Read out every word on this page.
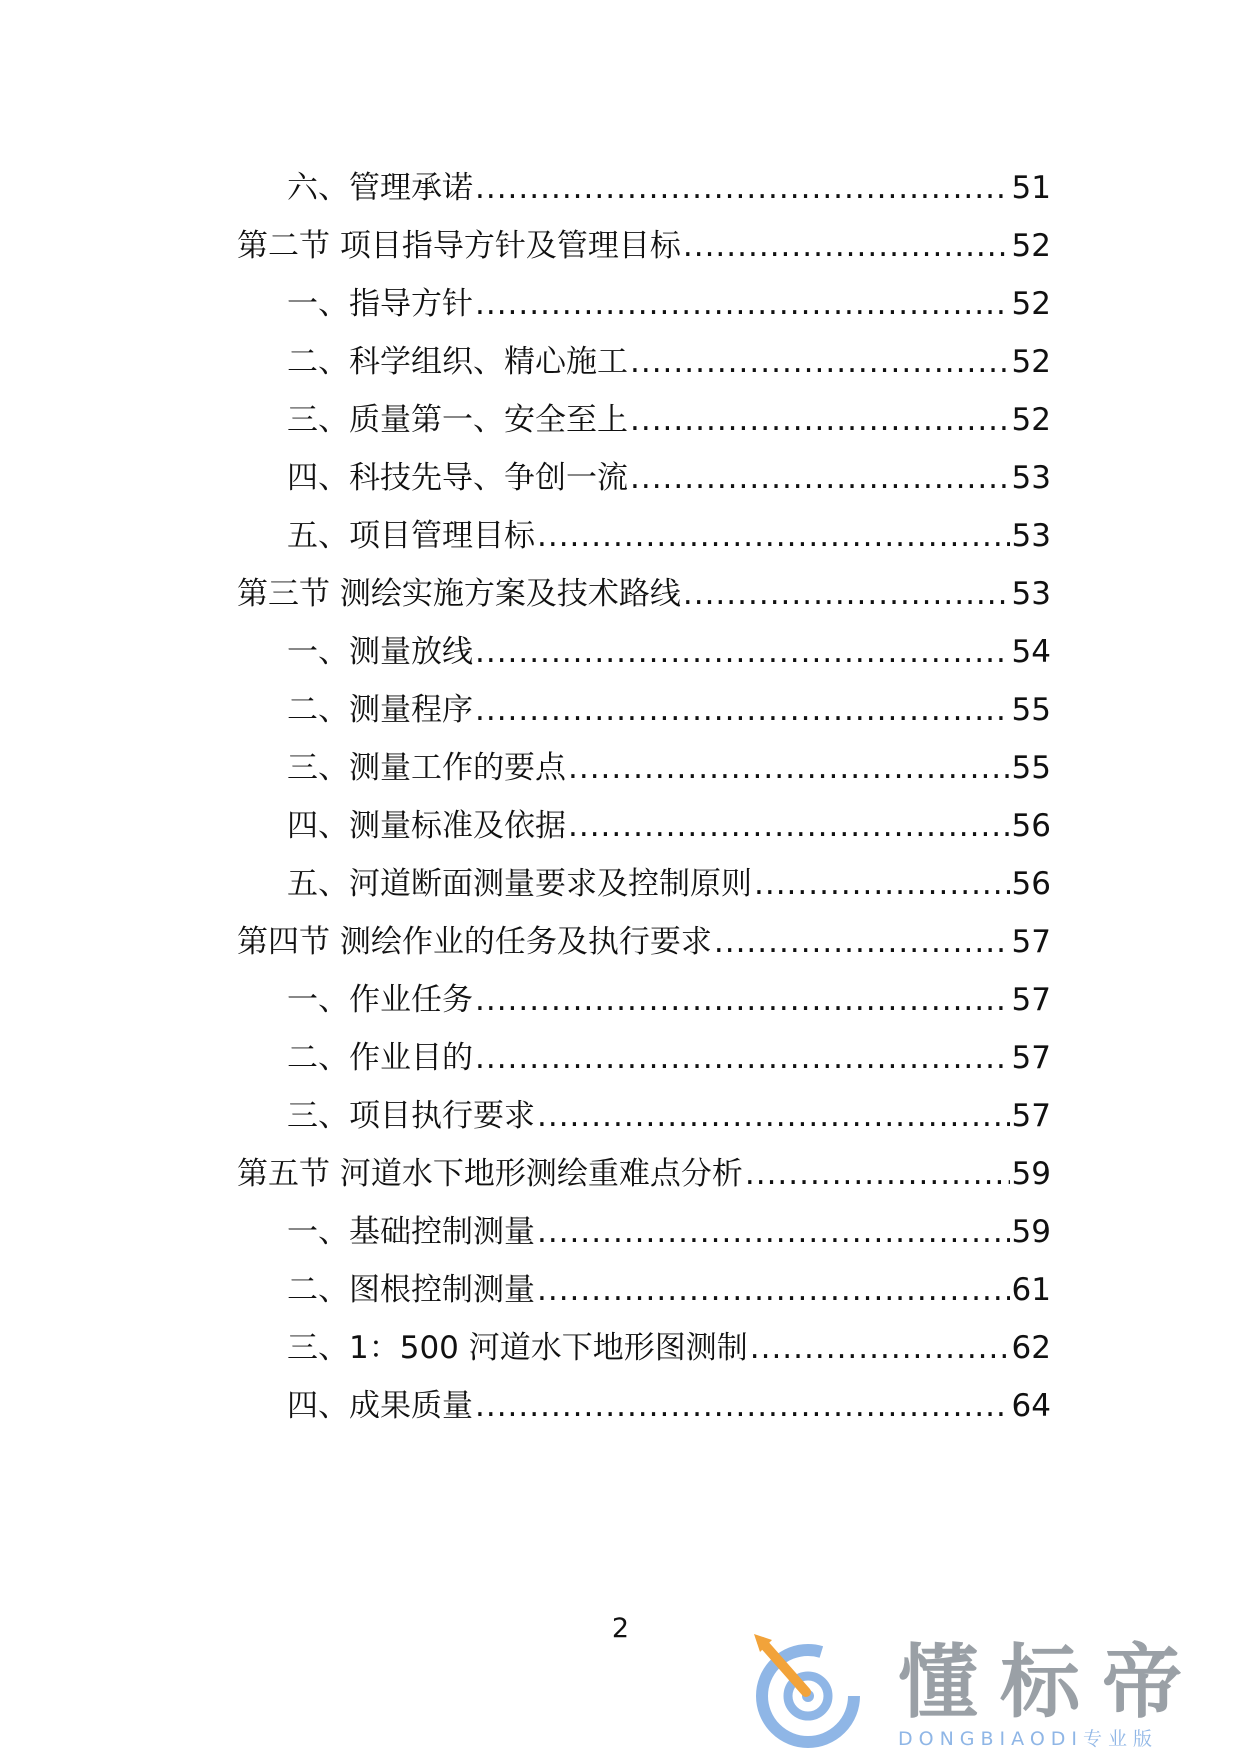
六、管理承诺 .....	51
第二节 项目指导方针及管理目标 .....	52
一、指导方针 .....	52
二、科学组织、精心施工 .....	52
三、质量第一、安全至上 .....	52
四、科技先导、争创一流 .....	53
五、项目管理目标 .....	53
第三节 测绘实施方案及技术路线 .....	53
一、测量放线 .....	54
二、测量程序 .....	55
三、测量工作的要点 .....	55
四、测量标准及依据 .....	56
五、河道断面测量要求及控制原则 .....	56
第四节 测绘作业的任务及执行要求 .....	57
一、作业任务 .....	57
二、作业目的 .....	57
三、项目执行要求 .....	57
第五节 河道水下地形测绘重难点分析 .....	59
一、基础控制测量 .....	59
二、图根控制测量 .....	61
三、1：500 河道水下地形图测制 .....	62
四、成果质量 .....	64
2
懂标帝
DONGBIAODI专业版
